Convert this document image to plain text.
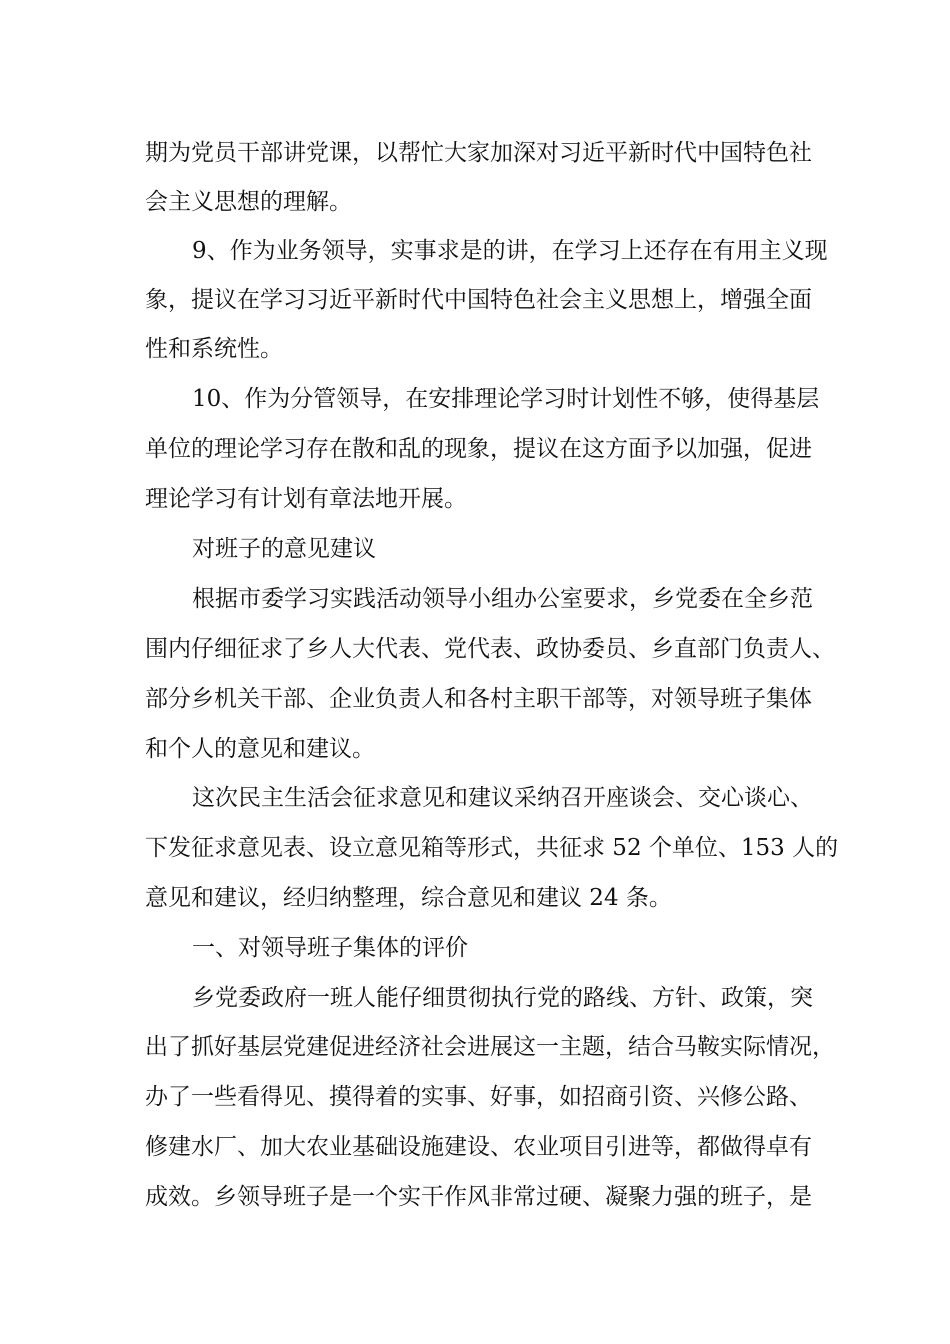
期为党员干部讲党课，以帮忙大家加深对习近平新时代中国特色社
会主义思想的理解。
9、作为业务领导，实事求是的讲，在学习上还存在有用主义现
象，提议在学习习近平新时代中国特色社会主义思想上，增强全面
性和系统性。
10、作为分管领导，在安排理论学习时计划性不够，使得基层
单位的理论学习存在散和乱的现象，提议在这方面予以加强，促进
理论学习有计划有章法地开展。
对班子的意见建议
根据市委学习实践活动领导小组办公室要求，乡党委在全乡范
围内仔细征求了乡人大代表、党代表、政协委员、乡直部门负责人、
部分乡机关干部、企业负责人和各村主职干部等，对领导班子集体
和个人的意见和建议。
这次民主生活会征求意见和建议采纳召开座谈会、交心谈心、
下发征求意见表、设立意见箱等形式，共征求 52 个单位、153 人的
意见和建议，经归纳整理，综合意见和建议 24 条。
一、对领导班子集体的评价
乡党委政府一班人能仔细贯彻执行党的路线、方针、政策，突
出了抓好基层党建促进经济社会进展这一主题，结合马鞍实际情况，
办了一些看得见、摸得着的实事、好事，如招商引资、兴修公路、
修建水厂、加大农业基础设施建设、农业项目引进等，都做得卓有
成效。乡领导班子是一个实干作风非常过硬、凝聚力强的班子，是
